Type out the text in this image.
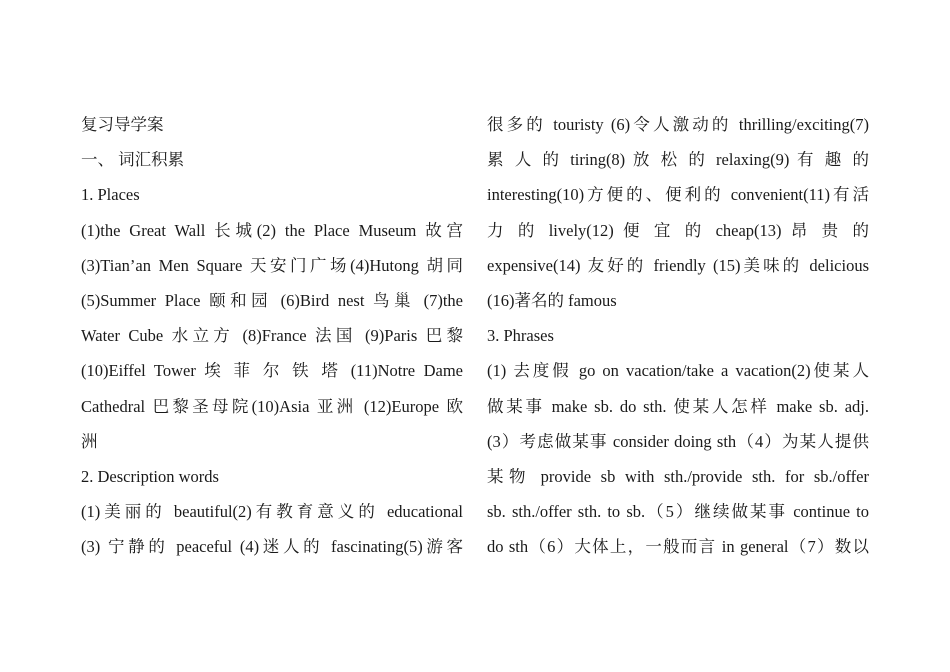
复习导学案
一、 词汇积累
1. Places
(1)the Great Wall 长城(2) the Place Museum 故宫
(3)Tian’an Men Square 天安门广场(4)Hutong 胡同
(5)Summer Place 颐和园 (6)Bird nest 鸟巢 (7)the
Water Cube 水立方 (8)France 法国 (9)Paris 巴黎
(10)Eiffel Tower 埃 菲 尔 铁 塔 (11)Notre Dame
Cathedral 巴黎圣母院(10)Asia 亚洲 (12)Europe 欧
洲
2. Description words
(1)美丽的 beautiful(2)有教育意义的 educational
(3) 宁静的 peaceful (4)迷人的 fascinating(5)游客
很多的 touristy (6)令人激动的 thrilling/exciting(7)
累 人 的 tiring(8) 放 松 的 relaxing(9) 有 趣 的
interesting(10)方便的、便利的 convenient(11)有活
力 的 lively(12) 便 宜 的 cheap(13) 昂 贵 的
expensive(14) 友好的 friendly (15)美味的 delicious
(16)著名的 famous
3. Phrases
(1) 去度假 go on vacation/take a vacation(2)使某人
做某事 make sb. do sth. 使某人怎样 make sb. adj.
(3）考虑做某事 consider doing sth（4）为某人提供
某物 provide sb with sth./provide sth. for sb./offer
sb. sth./offer sth. to sb.（5）继续做某事 continue to
do sth（6）大体上，一般而言 in general（7）数以
